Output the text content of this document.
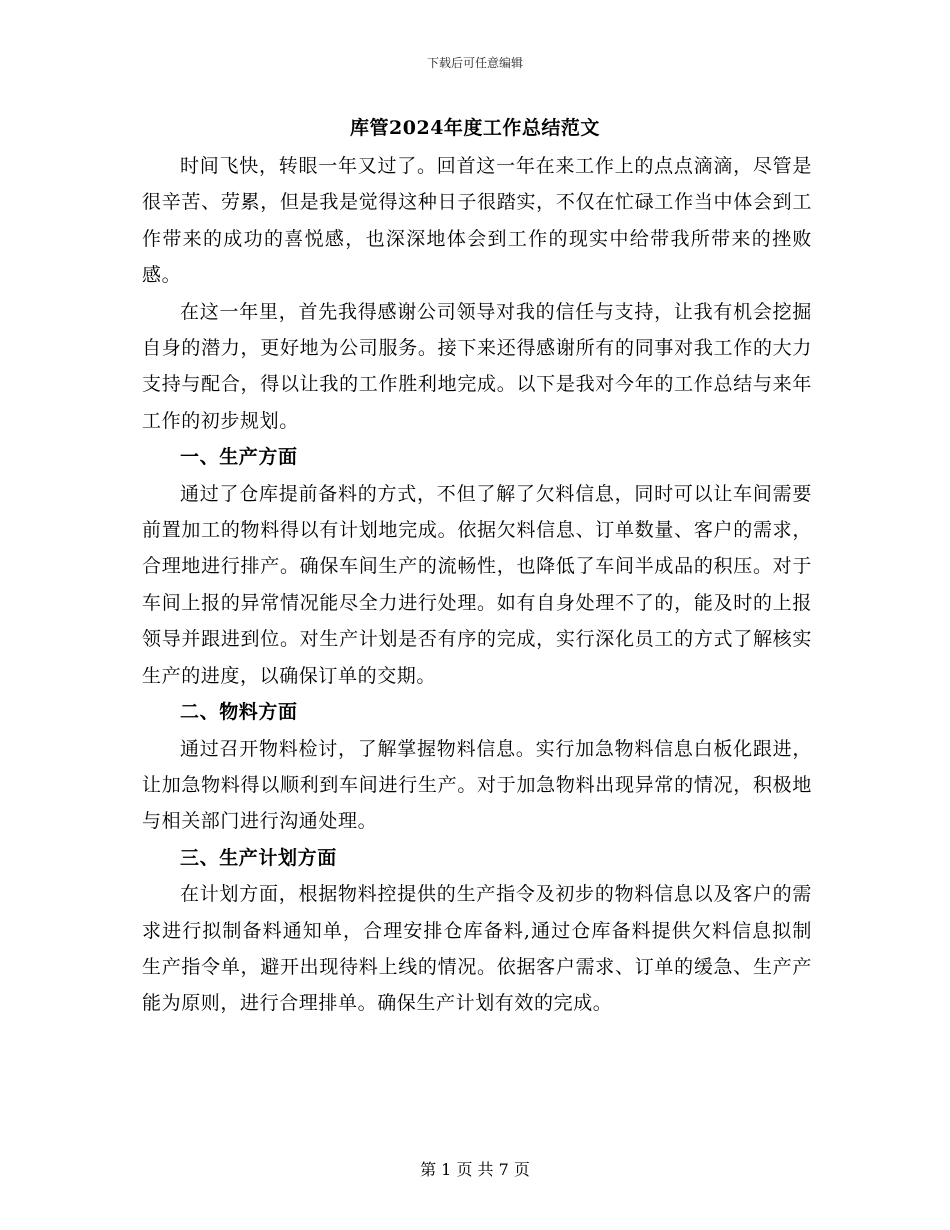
下载后可任意编辑
库管2024年度工作总结范文

时间飞快，转眼一年又过了。回首这一年在来工作上的点点滴滴，尽管是很辛苦、劳累，但是我是觉得这种日子很踏实，不仅在忙碌工作当中体会到工作带来的成功的喜悦感，也深深地体会到工作的现实中给带我所带来的挫败感。

在这一年里，首先我得感谢公司领导对我的信任与支持，让我有机会挖掘自身的潜力，更好地为公司服务。接下来还得感谢所有的同事对我工作的大力支持与配合，得以让我的工作胜利地完成。以下是我对今年的工作总结与来年工作的初步规划。

一、生产方面

通过了仓库提前备料的方式，不但了解了欠料信息，同时可以让车间需要前置加工的物料得以有计划地完成。依据欠料信息、订单数量、客户的需求，合理地进行排产。确保车间生产的流畅性，也降低了车间半成品的积压。对于车间上报的异常情况能尽全力进行处理。如有自身处理不了的，能及时的上报领导并跟进到位。对生产计划是否有序的完成，实行深化员工的方式了解核实生产的进度，以确保订单的交期。

二、物料方面

通过召开物料检讨，了解掌握物料信息。实行加急物料信息白板化跟进，让加急物料得以顺利到车间进行生产。对于加急物料出现异常的情况，积极地与相关部门进行沟通处理。

三、生产计划方面

在计划方面，根据物料控提供的生产指令及初步的物料信息以及客户的需求进行拟制备料通知单，合理安排仓库备料,通过仓库备料提供欠料信息拟制生产指令单，避开出现待料上线的情况。依据客户需求、订单的缓急、生产产能为原则，进行合理排单。确保生产计划有效的完成。

第 1 页 共 7 页
